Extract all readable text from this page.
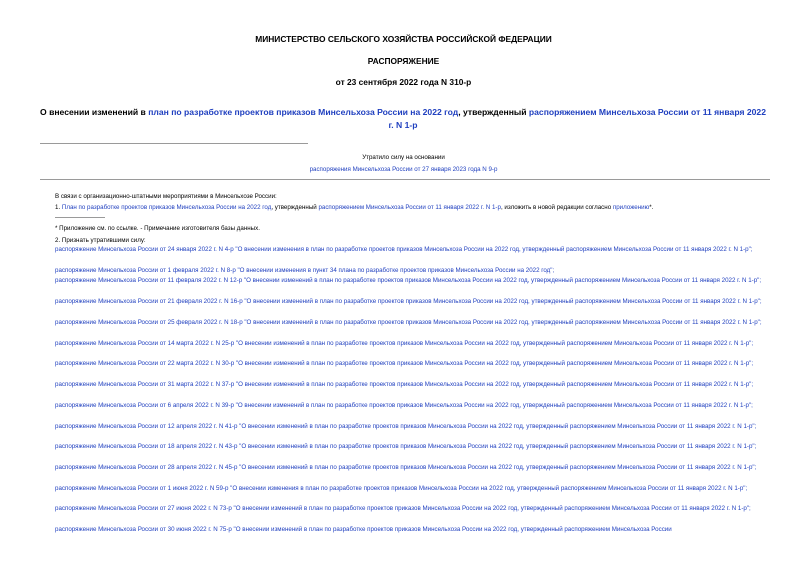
МИНИСТЕРСТВО СЕЛЬСКОГО ХОЗЯЙСТВА РОССИЙСКОЙ ФЕДЕРАЦИИ
РАСПОРЯЖЕНИЕ
от 23 сентября 2022 года N 310-р
О внесении изменений в план по разработке проектов приказов Минсельхоза России на 2022 год, утвержденный распоряжением Минсельхоза России от 11 января 2022 г. N 1-р
Утратило силу на основании
распоряжения Минсельхоза России от 27 января 2023 года N 9-р
В связи с организационно-штатными мероприятиями в Минсельхозе России:
1. План по разработке проектов приказов Минсельхоза России на 2022 год, утвержденный распоряжением Минсельхоза России от 11 января 2022 г. N 1-р, изложить в новой редакции согласно приложению*.
* Приложение см. по ссылке. - Примечание изготовителя базы данных.
2. Признать утратившими силу:
распоряжение Минсельхоза России от 24 января 2022 г. N 4-р "О внесении изменения в план по разработке проектов приказов Минсельхоза России на 2022 год, утвержденный распоряжением Минсельхоза России от 11 января 2022 г. N 1-р";
распоряжение Минсельхоза России от 1 февраля 2022 г. N 8-р "О внесении изменения в пункт 34 плана по разработке проектов приказов Минсельхоза России на 2022 год";
распоряжение Минсельхоза России от 11 февраля 2022 г. N 12-р "О внесении изменений в план по разработке проектов приказов Минсельхоза России на 2022 год, утвержденный распоряжением Минсельхоза России от 11 января 2022 г. N 1-р";
распоряжение Минсельхоза России от 21 февраля 2022 г. N 16-р "О внесении изменений в план по разработке проектов приказов Минсельхоза России на 2022 год, утвержденный распоряжением Минсельхоза России от 11 января 2022 г. N 1-р";
распоряжение Минсельхоза России от 25 февраля 2022 г. N 18-р "О внесении изменений в план по разработке проектов приказов Минсельхоза России на 2022 год, утвержденный распоряжением Минсельхоза России от 11 января 2022 г. N 1-р";
распоряжение Минсельхоза России от 14 марта 2022 г. N 25-р "О внесении изменений в план по разработке проектов приказов Минсельхоза России на 2022 год, утвержденный распоряжением Минсельхоза России от 11 января 2022 г. N 1-р";
распоряжение Минсельхоза России от 22 марта 2022 г. N 30-р "О внесении изменений в план по разработке проектов приказов Минсельхоза России на 2022 год, утвержденный распоряжением Минсельхоза России от 11 января 2022 г. N 1-р";
распоряжение Минсельхоза России от 31 марта 2022 г. N 37-р "О внесении изменений в план по разработке проектов приказов Минсельхоза России на 2022 год, утвержденный распоряжением Минсельхоза России от 11 января 2022 г. N 1-р";
распоряжение Минсельхоза России от 6 апреля 2022 г. N 39-р "О внесении изменений в план по разработке проектов приказов Минсельхоза России на 2022 год, утвержденный распоряжением Минсельхоза России от 11 января 2022 г. N 1-р";
распоряжение Минсельхоза России от 12 апреля 2022 г. N 41-р "О внесении изменений в план по разработке проектов приказов Минсельхоза России на 2022 год, утвержденный распоряжением Минсельхоза России от 11 января 2022 г. N 1-р";
распоряжение Минсельхоза России от 18 апреля 2022 г. N 43-р "О внесении изменений в план по разработке проектов приказов Минсельхоза России на 2022 год, утвержденный распоряжением Минсельхоза России от 11 января 2022 г. N 1-р";
распоряжение Минсельхоза России от 28 апреля 2022 г. N 45-р "О внесении изменений в план по разработке проектов приказов Минсельхоза России на 2022 год, утвержденный распоряжением Минсельхоза России от 11 января 2022 г. N 1-р";
распоряжение Минсельхоза России от 1 июня 2022 г. N 59-р "О внесении изменения в план по разработке проектов приказов Минсельхоза России на 2022 год, утвержденный распоряжением Минсельхоза России от 11 января 2022 г. N 1-р";
распоряжение Минсельхоза России от 27 июня 2022 г. N 73-р "О внесении изменений в план по разработке проектов приказов Минсельхоза России на 2022 год, утвержденный распоряжением Минсельхоза России от 11 января 2022 г. N 1-р";
распоряжение Минсельхоза России от 30 июня 2022 г. N 75-р "О внесении изменений в план по разработке проектов приказов Минсельхоза России на 2022 год, утвержденный распоряжением Минсельхоза России
